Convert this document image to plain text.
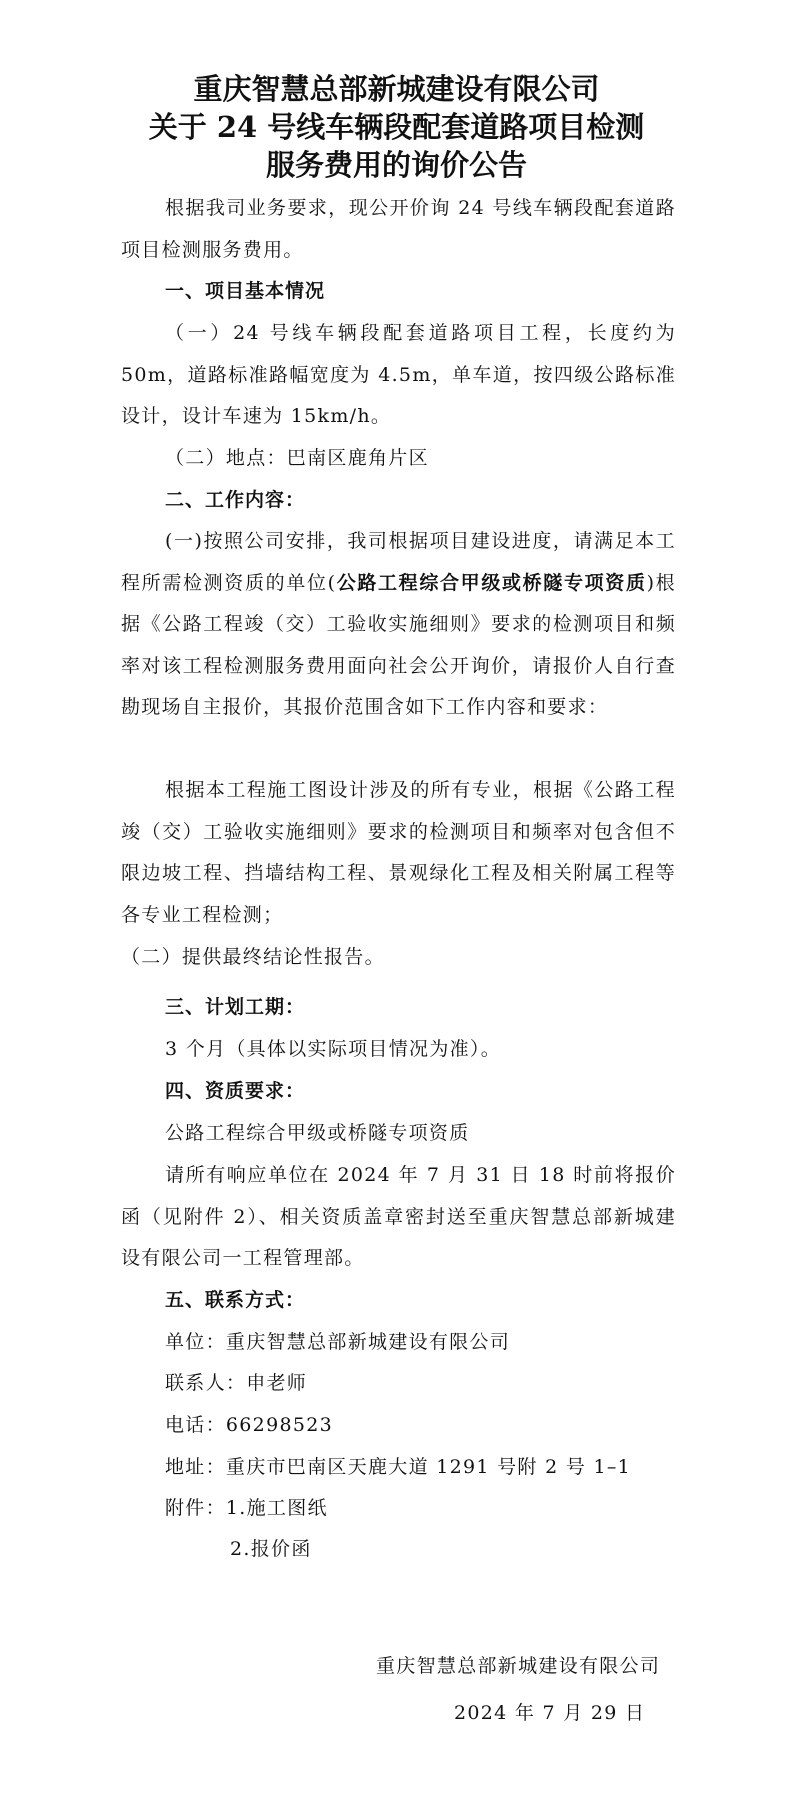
重庆智慧总部新城建设有限公司
关于 24 号线车辆段配套道路项目检测
服务费用的询价公告

根据我司业务要求，现公开价询 24 号线车辆段配套道路项目检测服务费用。

一、项目基本情况

（一）24 号线车辆段配套道路项目工程，长度约为 50m，道路标准路幅宽度为 4.5m，单车道，按四级公路标准设计，设计车速为 15km/h。

（二）地点：巴南区鹿角片区

二、工作内容：

(一)按照公司安排，我司根据项目建设进度，请满足本工程所需检测资质的单位(公路工程综合甲级或桥隧专项资质)根据《公路工程竣（交）工验收实施细则》要求的检测项目和频率对该工程检测服务费用面向社会公开询价，请报价人自行查勘现场自主报价，其报价范围含如下工作内容和要求：

根据本工程施工图设计涉及的所有专业，根据《公路工程竣（交）工验收实施细则》要求的检测项目和频率对包含但不限边坡工程、挡墙结构工程、景观绿化工程及相关附属工程等各专业工程检测；

（二）提供最终结论性报告。

三、计划工期：

3 个月（具体以实际项目情况为准）。

四、资质要求：

公路工程综合甲级或桥隧专项资质

请所有响应单位在 2024 年 7 月 31 日 18 时前将报价函（见附件 2）、相关资质盖章密封送至重庆智慧总部新城建设有限公司一工程管理部。

五、联系方式：

单位：重庆智慧总部新城建设有限公司

联系人：申老师

电话：66298523

地址：重庆市巴南区天鹿大道 1291 号附 2 号 1–1

附件：1.施工图纸

2.报价函

重庆智慧总部新城建设有限公司

2024 年 7 月 29 日
